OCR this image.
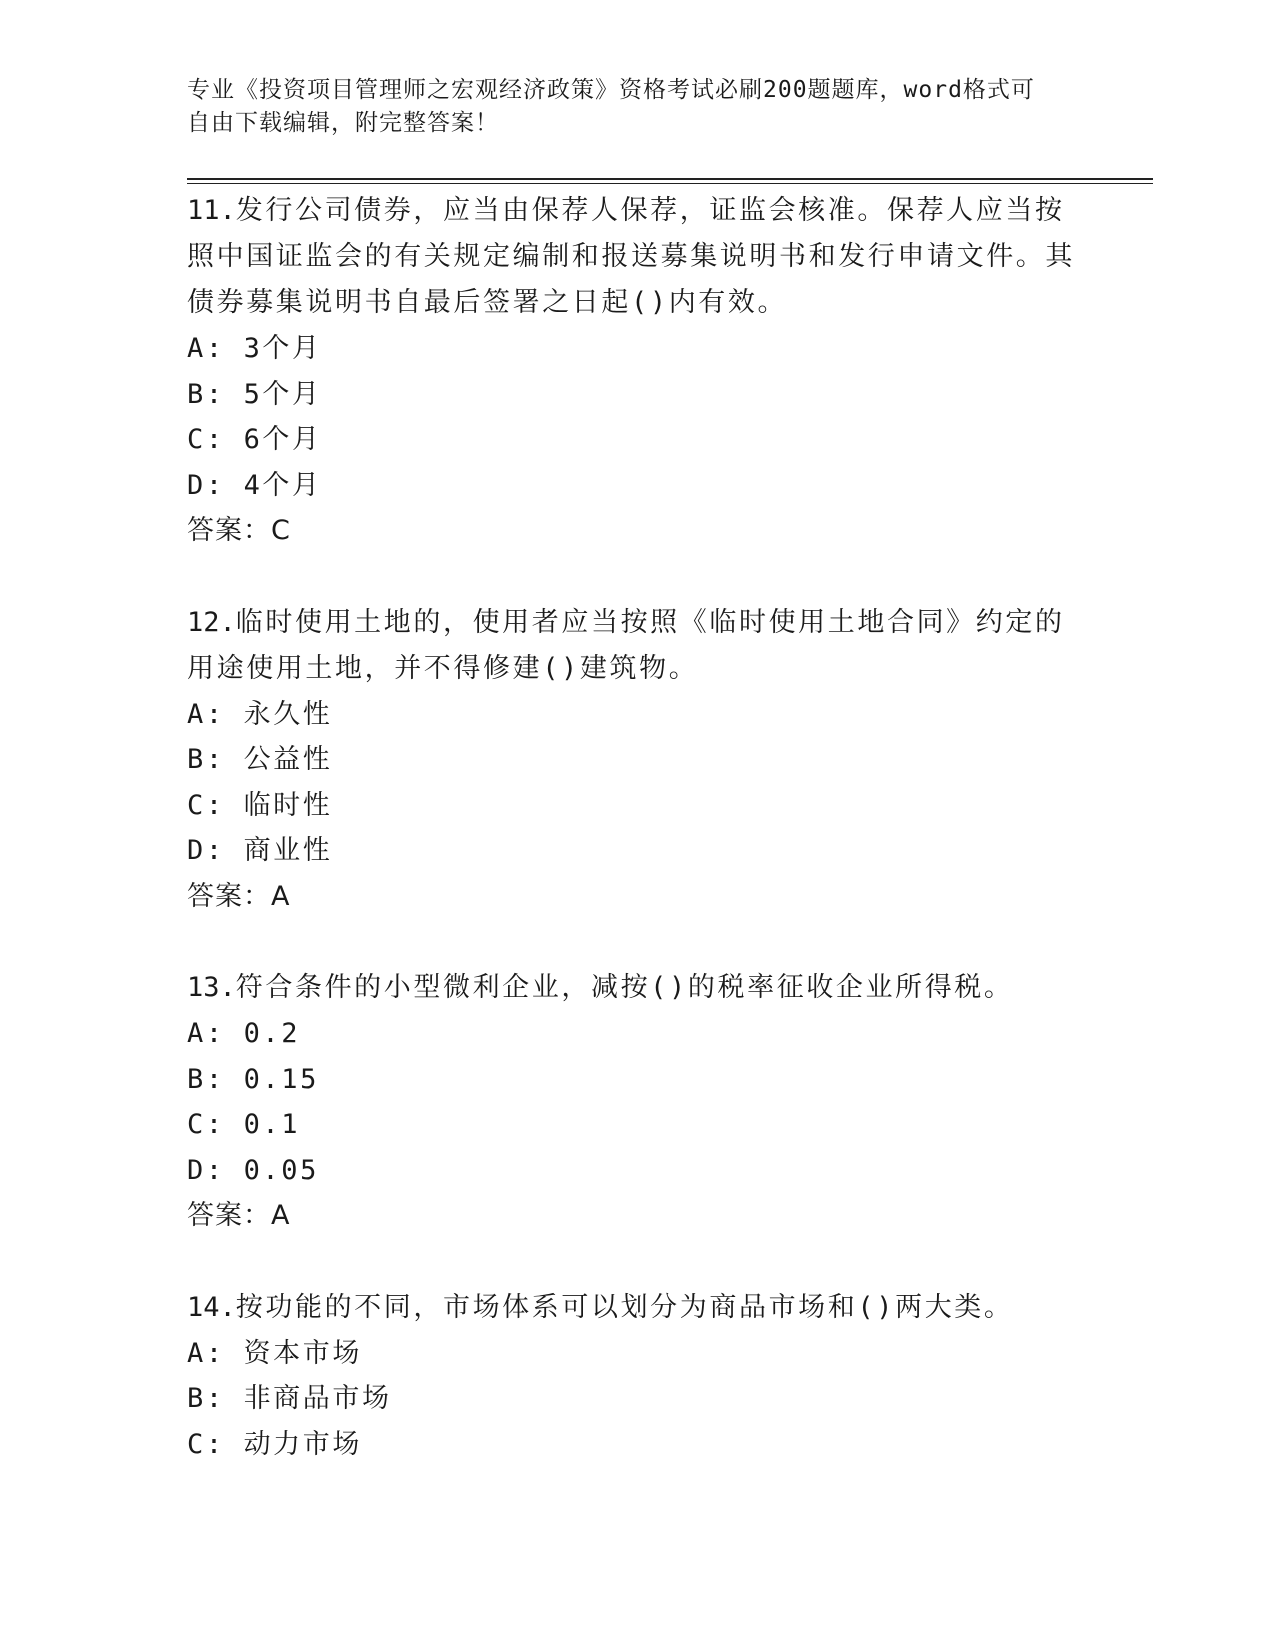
专业《投资项目管理师之宏观经济政策》资格考试必刷200题题库，word格式可
自由下载编辑，附完整答案！
11.发行公司债券，应当由保荐人保荐，证监会核准。保荐人应当按照中国证监会的有关规定编制和报送募集说明书和发行申请文件。其债券募集说明书自最后签署之日起()内有效。
A: 3个月
B: 5个月
C: 6个月
D: 4个月
答案：C
12.临时使用土地的，使用者应当按照《临时使用土地合同》约定的用途使用土地，并不得修建()建筑物。
A: 永久性
B: 公益性
C: 临时性
D: 商业性
答案：A
13.符合条件的小型微利企业，减按()的税率征收企业所得税。
A: 0.2
B: 0.15
C: 0.1
D: 0.05
答案：A
14.按功能的不同，市场体系可以划分为商品市场和()两大类。
A: 资本市场
B: 非商品市场
C: 动力市场
